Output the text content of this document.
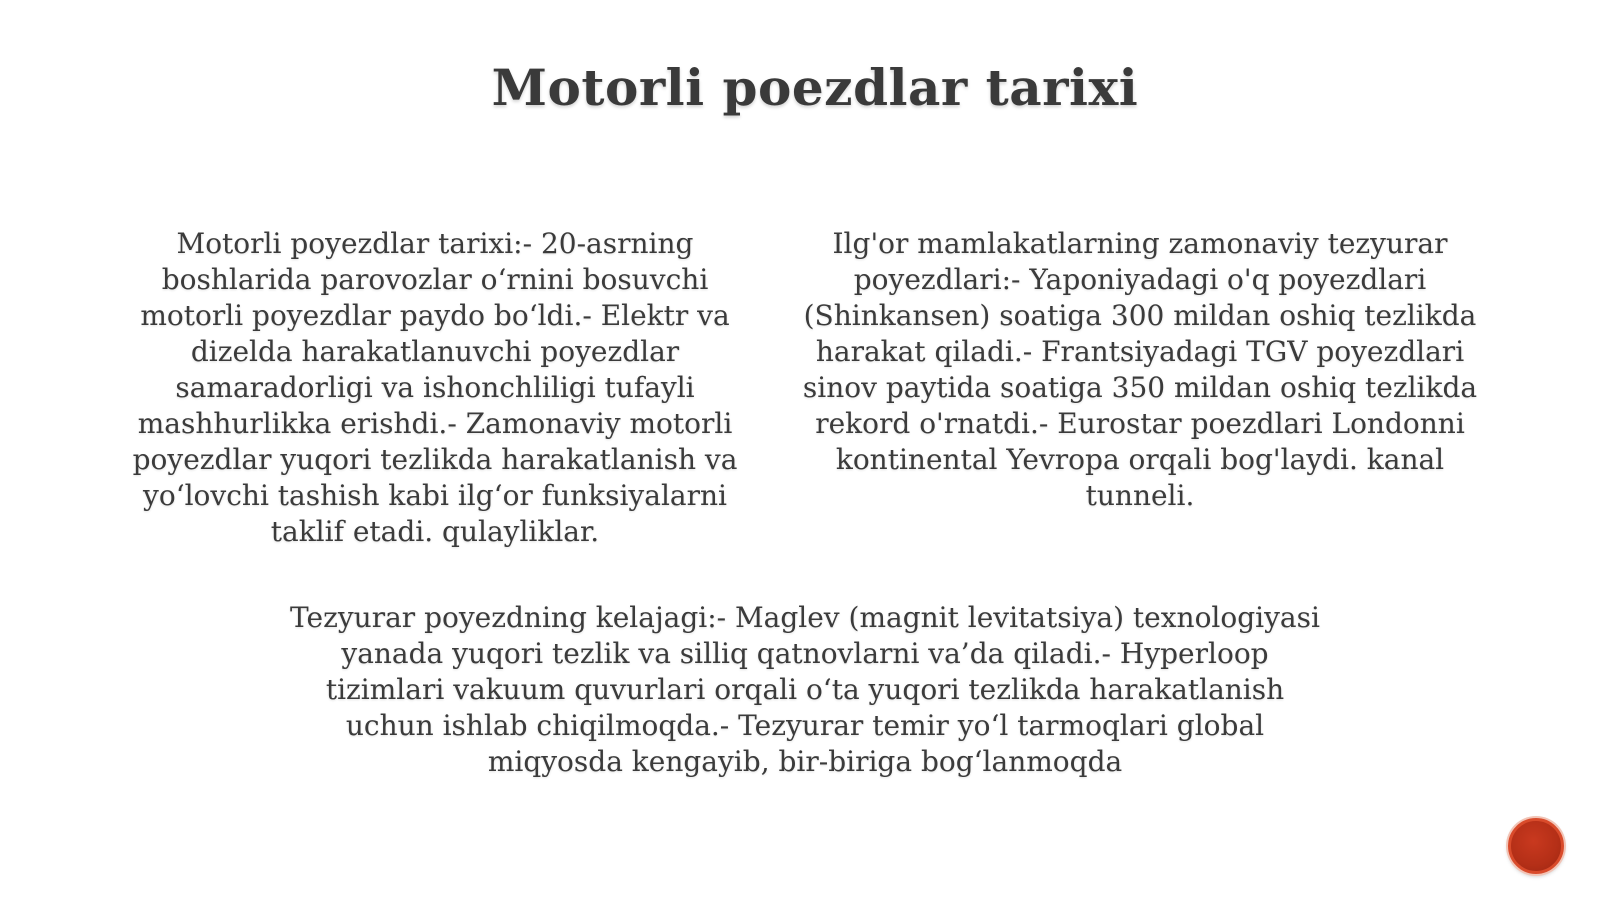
Motorli poezdlar tarixi
Motorli poyezdlar tarixi:- 20-asrning boshlarida parovozlar o‘rnini bosuvchi motorli poyezdlar paydo bo‘ldi.- Elektr va dizelda harakatlanuvchi poyezdlar samaradorligi va ishonchliligi tufayli mashhurlikka erishdi.- Zamonaviy motorli poyezdlar yuqori tezlikda harakatlanish va yo‘lovchi tashish kabi ilg‘or funksiyalarni taklif etadi. qulayliklar.
Ilg'or mamlakatlarning zamonaviy tezyurar poyezdlari:- Yaponiyadagi o'q poyezdlari (Shinkansen) soatiga 300 mildan oshiq tezlikda harakat qiladi.- Frantsiyadagi TGV poyezdlari sinov paytida soatiga 350 mildan oshiq tezlikda rekord o'rnatdi.- Eurostar poezdlari Londonni kontinental Yevropa orqali bog'laydi. kanal tunneli.
Tezyurar poyezdning kelajagi:- Maglev (magnit levitatsiya) texnologiyasi yanada yuqori tezlik va silliq qatnovlarni va’da qiladi.- Hyperloop tizimlari vakuum quvurlari orqali o‘ta yuqori tezlikda harakatlanish uchun ishlab chiqilmoqda.- Tezyurar temir yo‘l tarmoqlari global miqyosda kengayib, bir-biriga bog‘lanmoqda
